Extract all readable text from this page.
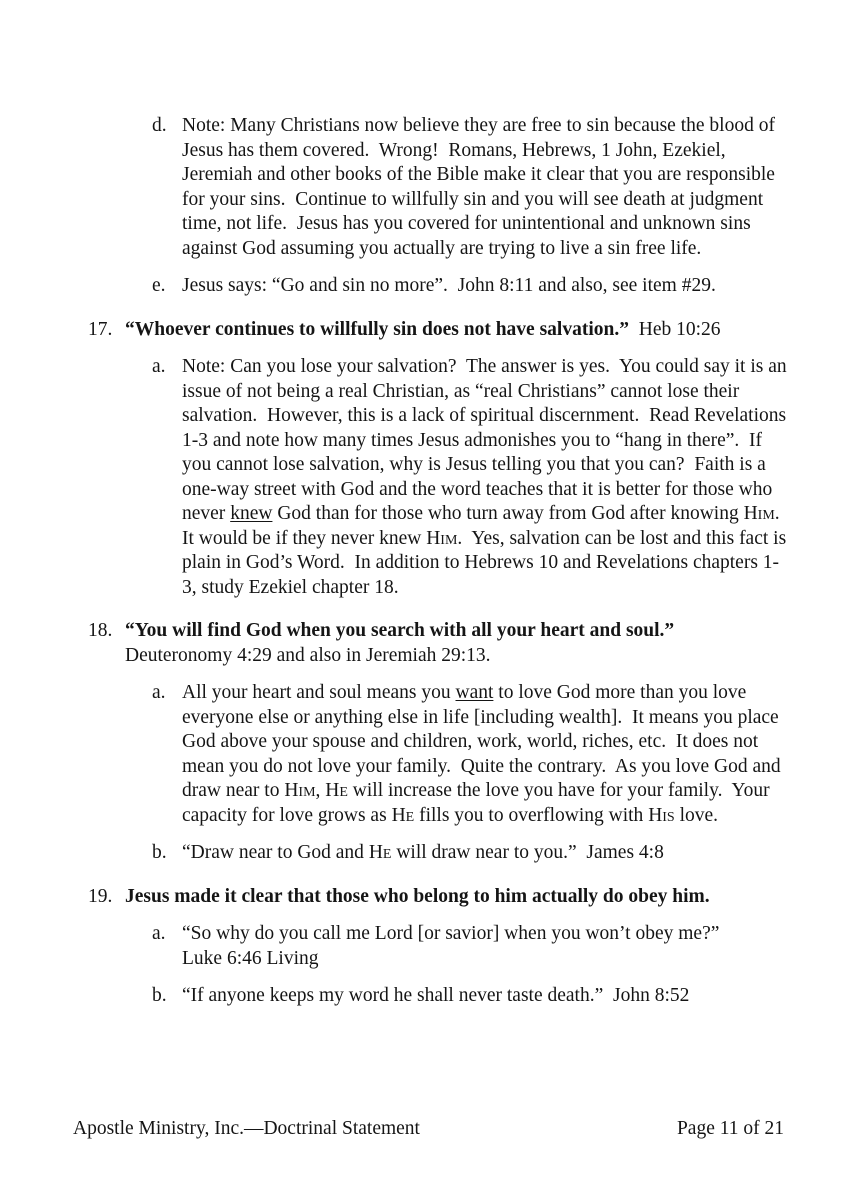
d. Note: Many Christians now believe they are free to sin because the blood of Jesus has them covered.  Wrong!  Romans, Hebrews, 1 John, Ezekiel, Jeremiah and other books of the Bible make it clear that you are responsible for your sins.  Continue to willfully sin and you will see death at judgment time, not life.  Jesus has you covered for unintentional and unknown sins against God assuming you actually are trying to live a sin free life.
e. Jesus says: “Go and sin no more”.  John 8:11 and also, see item #29.
17. “Whoever continues to willfully sin does not have salvation.”  Heb 10:26
a. Note: Can you lose your salvation?  The answer is yes.  You could say it is an issue of not being a real Christian, as “real Christians” cannot lose their salvation.  However, this is a lack of spiritual discernment.  Read Revelations 1-3 and note how many times Jesus admonishes you to “hang in there”.  If you cannot lose salvation, why is Jesus telling you that you can?  Faith is a one-way street with God and the word teaches that it is better for those who never knew God than for those who turn away from God after knowing Him.  It would be if they never knew Him.  Yes, salvation can be lost and this fact is plain in God’s Word.  In addition to Hebrews 10 and Revelations chapters 1-3, study Ezekiel chapter 18.
18. “You will find God when you search with all your heart and soul.”
Deuteronomy 4:29 and also in Jeremiah 29:13.
a. All your heart and soul means you want to love God more than you love everyone else or anything else in life [including wealth].  It means you place God above your spouse and children, work, world, riches, etc.  It does not mean you do not love your family.  Quite the contrary.  As you love God and draw near to Him, He will increase the love you have for your family.  Your capacity for love grows as He fills you to overflowing with His love.
b. “Draw near to God and He will draw near to you.”  James 4:8
19. Jesus made it clear that those who belong to him actually do obey him.
a. “So why do you call me Lord [or savior] when you won’t obey me?”
Luke 6:46 Living
b. “If anyone keeps my word he shall never taste death.”  John 8:52
Apostle Ministry, Inc.—Doctrinal Statement	Page 11 of 21
